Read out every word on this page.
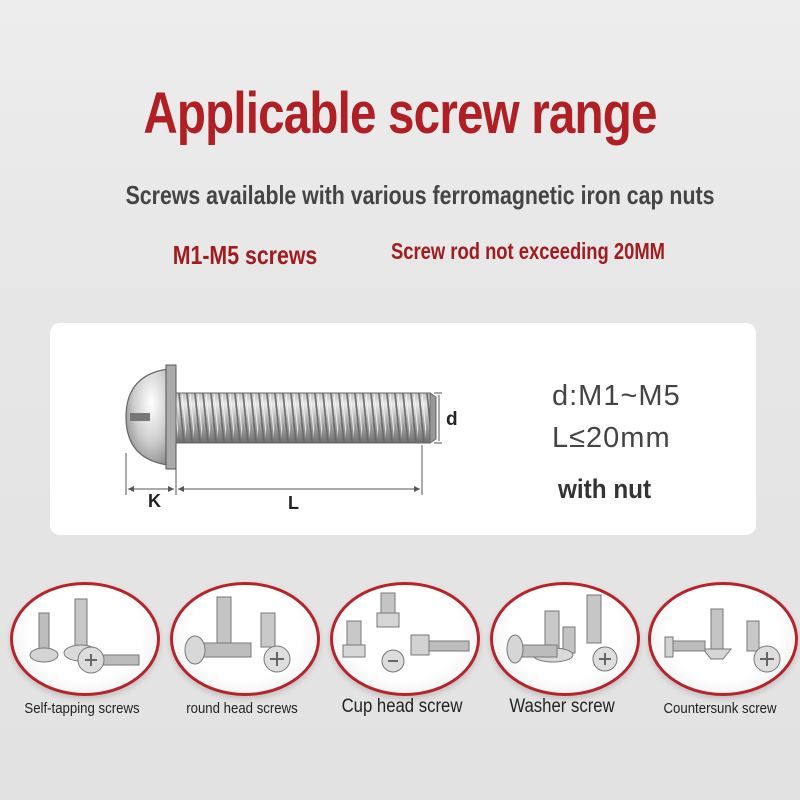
Applicable screw range
Screws available with various ferromagnetic iron cap nuts
M1-M5 screws	Screw rod not exceeding 20MM
d
K	L
d:M1~M5
L≤20mm
with nut
Self-tapping screws	round head screws	Cup head screw	Washer screw	Countersunk screw
